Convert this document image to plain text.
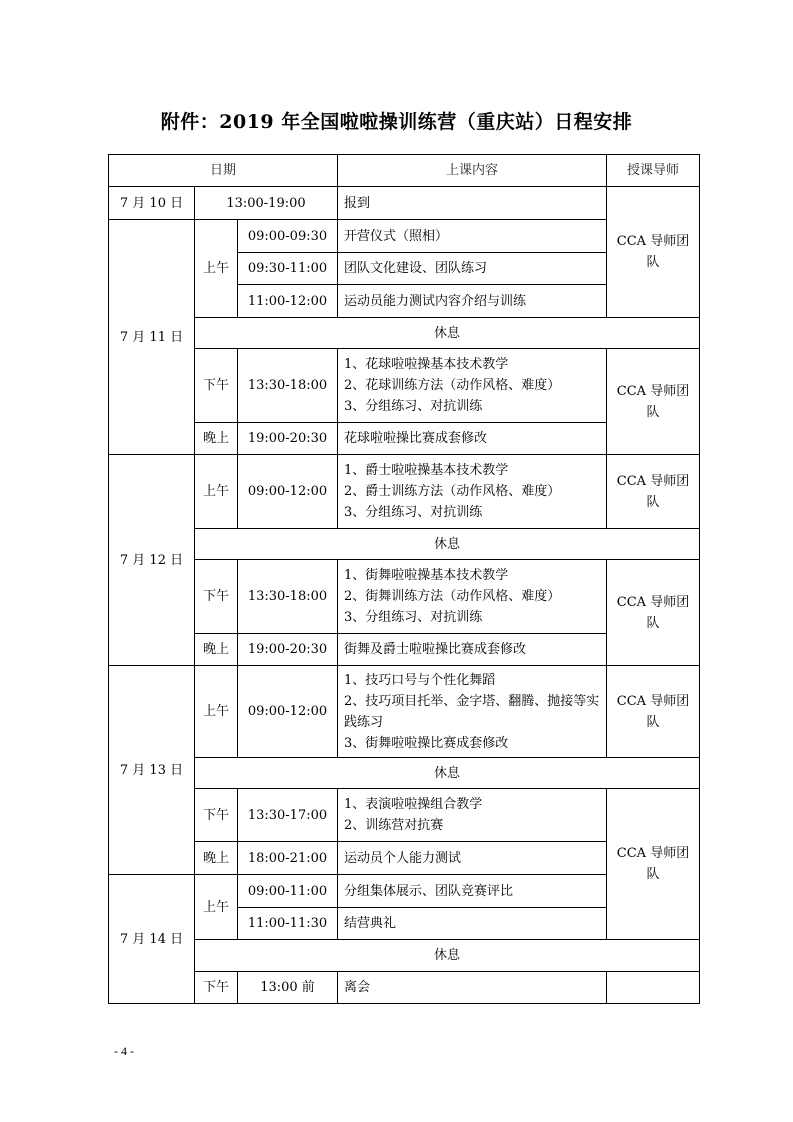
附件：2019 年全国啦啦操训练营（重庆站）日程安排
日期			上课内容	授课导师
7 月 10 日	13:00-19:00		报到	CCA 导师团队
7 月 11 日	上午	09:00-09:30	开营仪式（照相）	
		09:30-11:00	团队文化建设、团队练习	
		11:00-12:00	运动员能力测试内容介绍与训练	
	休息			
	下午	13:30-18:00	1、花球啦啦操基本技术教学
2、花球训练方法（动作风格、难度）
3、分组练习、对抗训练	CCA 导师团队
	晚上	19:00-20:30	花球啦啦操比赛成套修改	

7 月 12 日	上午	09:00-12:00	1、爵士啦啦操基本技术教学
2、爵士训练方法（动作风格、难度）
3、分组练习、对抗训练	CCA 导师团队
	休息			
	下午	13:30-18:00	1、街舞啦啦操基本技术教学
2、街舞训练方法（动作风格、难度）
3、分组练习、对抗训练	CCA 导师团队
	晚上	19:00-20:30	街舞及爵士啦啦操比赛成套修改	
7 月 13 日	上午	09:00-12:00	1、技巧口号与个性化舞蹈
2、技巧项目托举、金字塔、翻腾、抛接等实践练习
3、街舞啦啦操比赛成套修改	CCA 导师团队
	休息			
	下午	13:30-17:00	1、表演啦啦操组合教学
2、训练营对抗赛	CCA 导师团队
	晚上	18:00-21:00	运动员个人能力测试	
7 月 14 日	上午	09:00-11:00	分组集体展示、团队竞赛评比	
		11:00-11:30	结营典礼	
	休息			
	下午	13:00 前	离会	
- 4 -
